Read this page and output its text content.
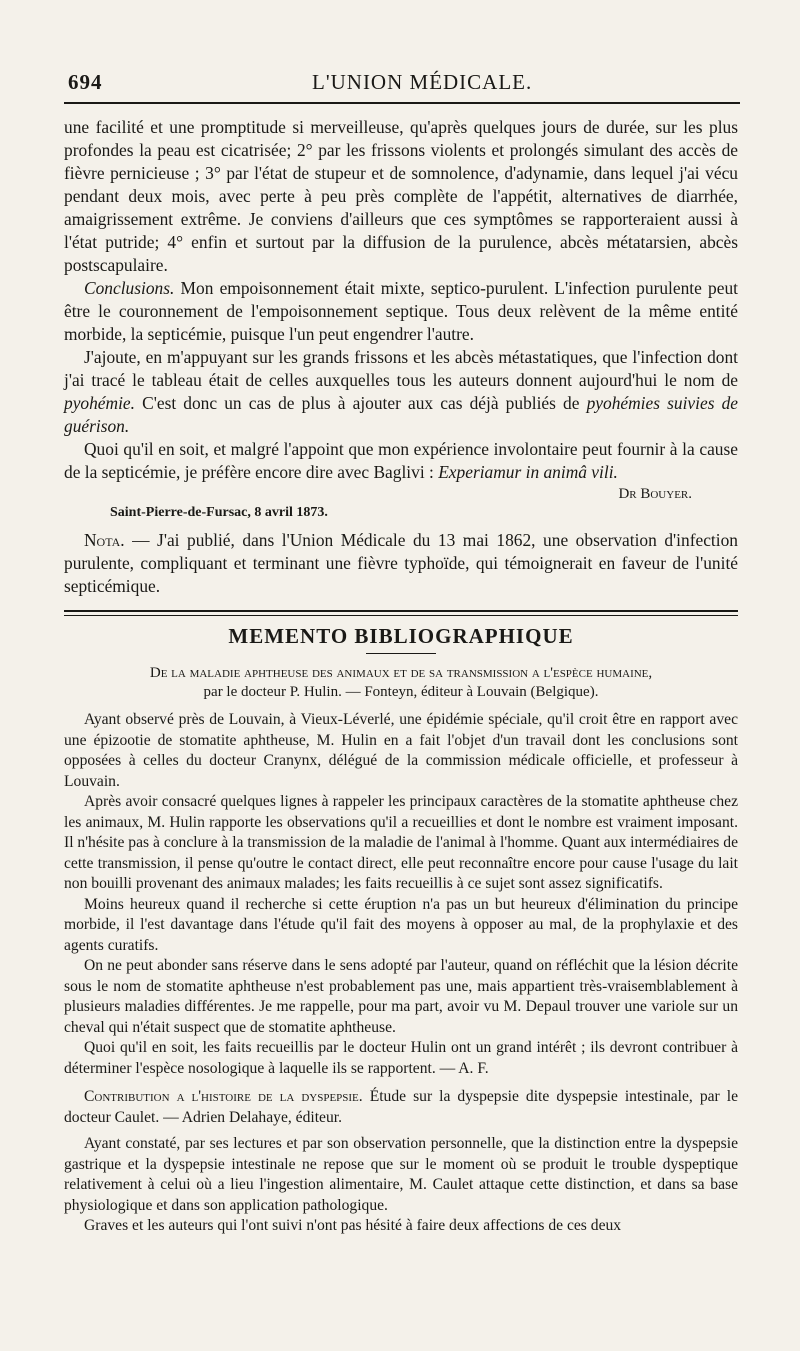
694	L'UNION MÉDICALE.

une facilité et une promptitude si merveilleuse, qu'après quelques jours de durée, sur les plus profondes la peau est cicatrisée; 2° par les frissons violents et prolongés simulant des accès de fièvre pernicieuse ; 3° par l'état de stupeur et de somnolence, d'adynamie, dans lequel j'ai vécu pendant deux mois, avec perte à peu près complète de l'appétit, alternatives de diarrhée, amaigrissement extrême. Je conviens d'ailleurs que ces symptômes se rapporteraient aussi à l'état putride; 4° enfin et surtout par la diffusion de la purulence, abcès métatarsien, abcès postscapulaire.

Conclusions. Mon empoisonnement était mixte, septico-purulent. L'infection purulente peut être le couronnement de l'empoisonnement septique. Tous deux relèvent de la même entité morbide, la septicémie, puisque l'un peut engendrer l'autre.

J'ajoute, en m'appuyant sur les grands frissons et les abcès métastatiques, que l'infection dont j'ai tracé le tableau était de celles auxquelles tous les auteurs donnent aujourd'hui le nom de pyohémie. C'est donc un cas de plus à ajouter aux cas déjà publiés de pyohémies suivies de guérison.

Quoi qu'il en soit, et malgré l'appoint que mon expérience involontaire peut fournir à la cause de la septicémie, je préfère encore dire avec Baglivi : Experiamur in animâ vili.

Dr Bouyer.
Saint-Pierre-de-Fursac, 8 avril 1873.

Nota. — J'ai publié, dans l'Union Médicale du 13 mai 1862, une observation d'infection purulente, compliquant et terminant une fièvre typhoïde, qui témoignerait en faveur de l'unité septicémique.

MEMENTO BIBLIOGRAPHIQUE
De la maladie aphtheuse des animaux et de sa transmission a l'espèce humaine,
par le docteur P. Hulin. — Fonteyn, éditeur à Louvain (Belgique).

Ayant observé près de Louvain, à Vieux-Léverlé, une épidémie spéciale, qu'il croit être en rapport avec une épizootie de stomatite aphtheuse, M. Hulin en a fait l'objet d'un travail dont les conclusions sont opposées à celles du docteur Cranynx, délégué de la commission médicale officielle, et professeur à Louvain.

Après avoir consacré quelques lignes à rappeler les principaux caractères de la stomatite aphtheuse chez les animaux, M. Hulin rapporte les observations qu'il a recueillies et dont le nombre est vraiment imposant. Il n'hésite pas à conclure à la transmission de la maladie de l'animal à l'homme. Quant aux intermédiaires de cette transmission, il pense qu'outre le contact direct, elle peut reconnaître encore pour cause l'usage du lait non bouilli provenant des animaux malades; les faits recueillis à ce sujet sont assez significatifs.

Moins heureux quand il recherche si cette éruption n'a pas un but heureux d'élimination du principe morbide, il l'est davantage dans l'étude qu'il fait des moyens à opposer au mal, de la prophylaxie et des agents curatifs.

On ne peut abonder sans réserve dans le sens adopté par l'auteur, quand on réfléchit que la lésion décrite sous le nom de stomatite aphtheuse n'est probablement pas une, mais appartient très-vraisemblablement à plusieurs maladies différentes. Je me rappelle, pour ma part, avoir vu M. Depaul trouver une variole sur un cheval qui n'était suspect que de stomatite aphtheuse.

Quoi qu'il en soit, les faits recueillis par le docteur Hulin ont un grand intérêt ; ils devront contribuer à déterminer l'espèce nosologique à laquelle ils se rapportent. — A. F.

Contribution a l'histoire de la dyspepsie. Étude sur la dyspepsie dite dyspepsie intestinale, par le docteur Caulet. — Adrien Delahaye, éditeur.

Ayant constaté, par ses lectures et par son observation personnelle, que la distinction entre la dyspepsie gastrique et la dyspepsie intestinale ne repose que sur le moment où se produit le trouble dyspeptique relativement à celui où a lieu l'ingestion alimentaire, M. Caulet attaque cette distinction, et dans sa base physiologique et dans son application pathologique.

Graves et les auteurs qui l'ont suivi n'ont pas hésité à faire deux affections de ces deux
